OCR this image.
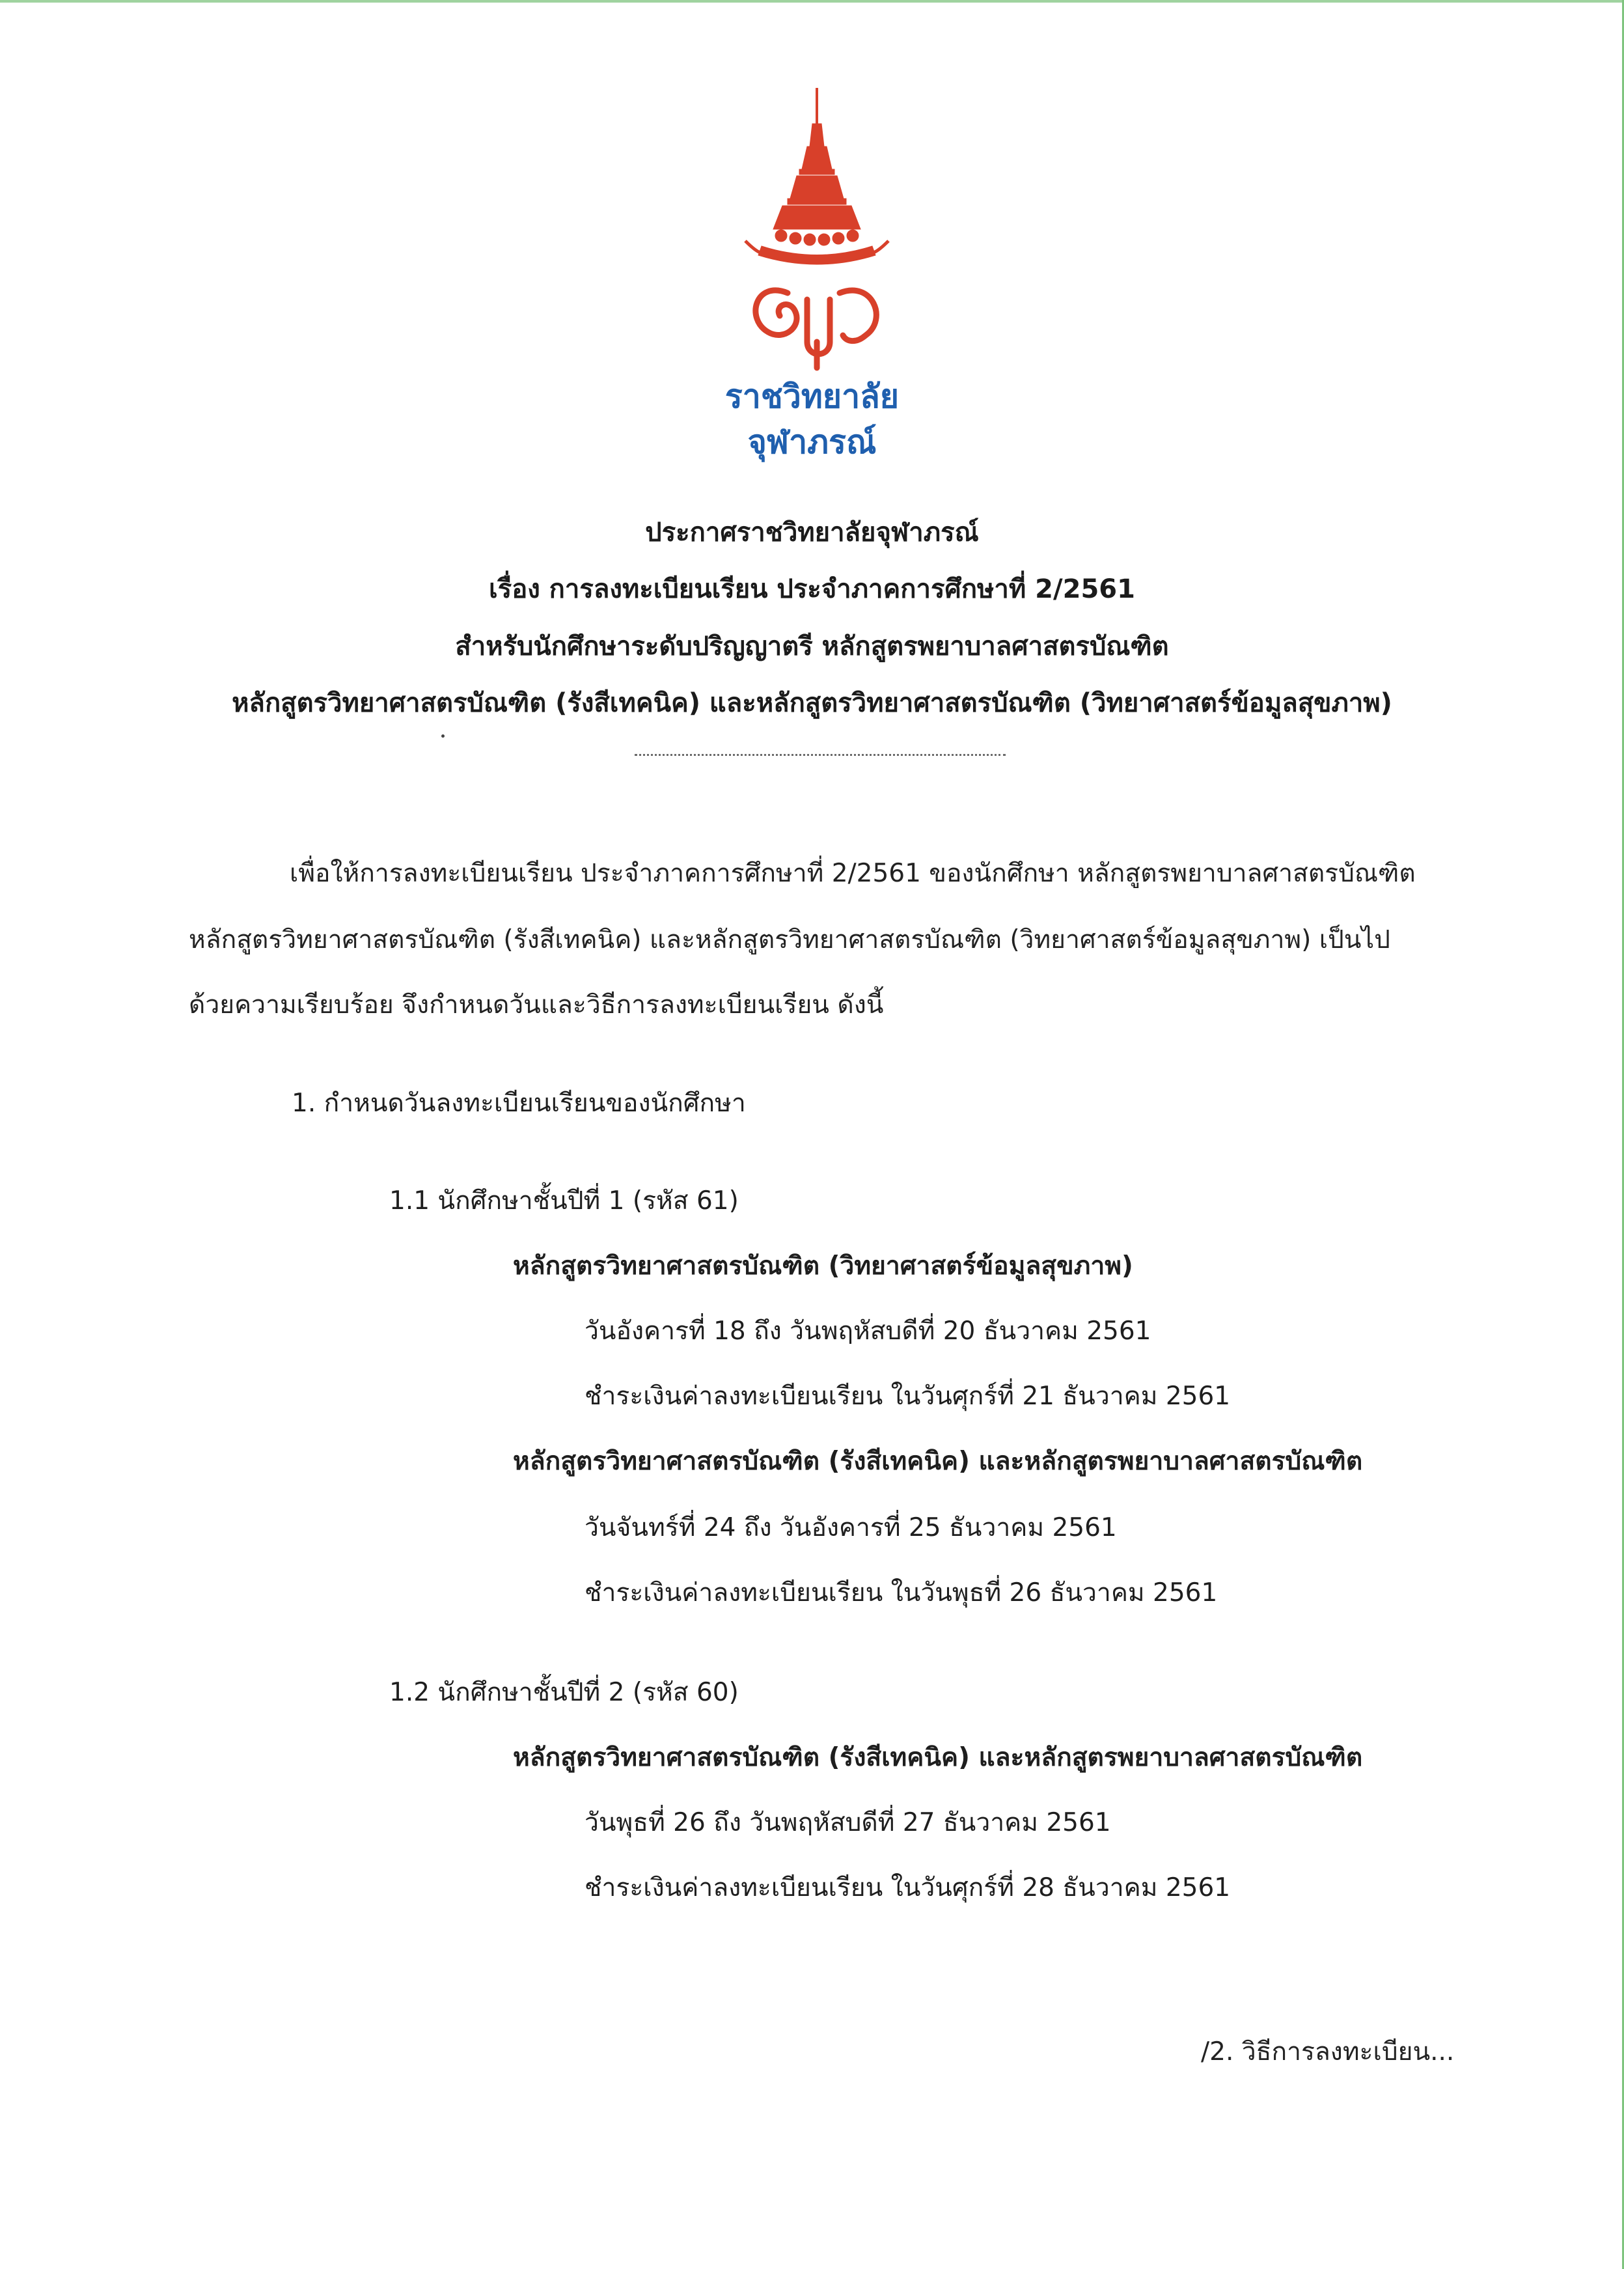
ราชวิทยาลัย
จุฬาภรณ์
ประกาศราชวิทยาลัยจุฬาภรณ์
เรื่อง การลงทะเบียนเรียน ประจำภาคการศึกษาที่ 2/2561
สำหรับนักศึกษาระดับปริญญาตรี หลักสูตรพยาบาลศาสตรบัณฑิต
หลักสูตรวิทยาศาสตรบัณฑิต (รังสีเทคนิค) และหลักสูตรวิทยาศาสตรบัณฑิต (วิทยาศาสตร์ข้อมูลสุขภาพ)
เพื่อให้การลงทะเบียนเรียน ประจำภาคการศึกษาที่ 2/2561 ของนักศึกษา หลักสูตรพยาบาลศาสตรบัณฑิต
หลักสูตรวิทยาศาสตรบัณฑิต (รังสีเทคนิค) และหลักสูตรวิทยาศาสตรบัณฑิต (วิทยาศาสตร์ข้อมูลสุขภาพ) เป็นไป
ด้วยความเรียบร้อย จึงกำหนดวันและวิธีการลงทะเบียนเรียน ดังนี้
1. กำหนดวันลงทะเบียนเรียนของนักศึกษา
1.1 นักศึกษาชั้นปีที่ 1 (รหัส 61)
หลักสูตรวิทยาศาสตรบัณฑิต (วิทยาศาสตร์ข้อมูลสุขภาพ)
วันอังคารที่ 18 ถึง วันพฤหัสบดีที่ 20 ธันวาคม 2561
ชำระเงินค่าลงทะเบียนเรียน ในวันศุกร์ที่ 21 ธันวาคม 2561
หลักสูตรวิทยาศาสตรบัณฑิต (รังสีเทคนิค) และหลักสูตรพยาบาลศาสตรบัณฑิต
วันจันทร์ที่ 24 ถึง วันอังคารที่ 25 ธันวาคม 2561
ชำระเงินค่าลงทะเบียนเรียน ในวันพุธที่ 26 ธันวาคม 2561
1.2 นักศึกษาชั้นปีที่ 2 (รหัส 60)
หลักสูตรวิทยาศาสตรบัณฑิต (รังสีเทคนิค) และหลักสูตรพยาบาลศาสตรบัณฑิต
วันพุธที่ 26 ถึง วันพฤหัสบดีที่ 27 ธันวาคม 2561
ชำระเงินค่าลงทะเบียนเรียน ในวันศุกร์ที่ 28 ธันวาคม 2561
/2. วิธีการลงทะเบียน...
